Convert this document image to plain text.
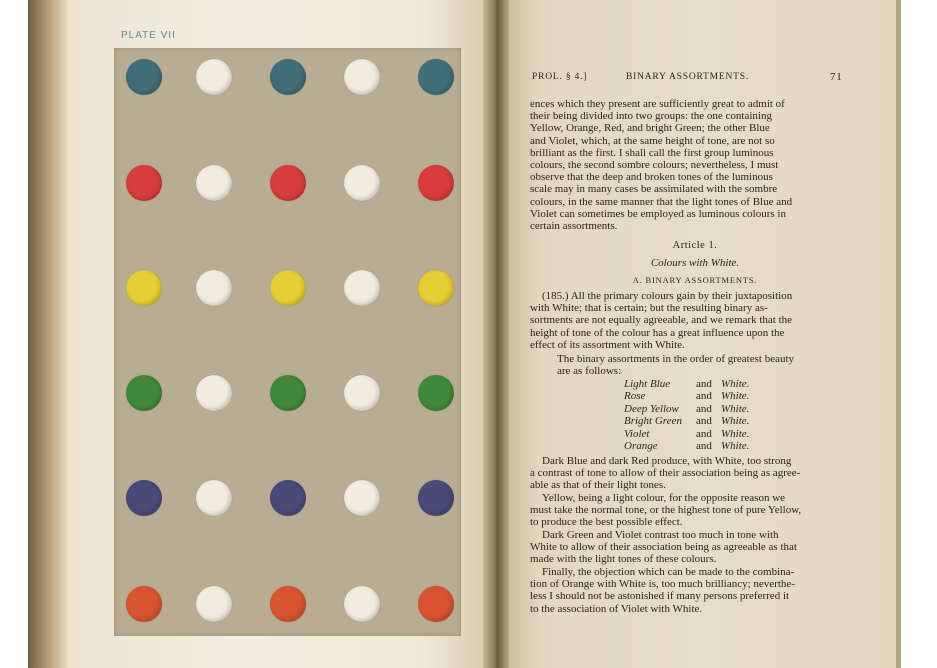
PLATE VII
PROL. § 4.]	BINARY ASSORTMENTS.	71
ences which they present are sufficiently great to admit of
their being divided into two groups: the one containing
Yellow, Orange, Red, and bright Green; the other Blue
and Violet, which, at the same height of tone, are not so
brilliant as the first. I shall call the first group luminous
colours, the second sombre colours; nevertheless, I must
observe that the deep and broken tones of the luminous
scale may in many cases be assimilated with the sombre
colours, in the same manner that the light tones of Blue and
Violet can sometimes be employed as luminous colours in
certain assortments.
Article 1.
Colours with White.
A. BINARY ASSORTMENTS.
(185.) All the primary colours gain by their juxtaposition
with White; that is certain; but the resulting binary as-
sortments are not equally agreeable, and we remark that the
height of tone of the colour has a great influence upon the
effect of its assortment with White.
The binary assortments in the order of greatest beauty
are as follows:
Light Blue and White.
Rose	and White.
Deep Yellow and White.
Bright Green and White.
Violet	and White.
Orange	and White.
Dark Blue and dark Red produce, with White, too strong
a contrast of tone to allow of their association being as agree-
able as that of their light tones.
Yellow, being a light colour, for the opposite reason we
must take the normal tone, or the highest tone of pure Yellow,
to produce the best possible effect.
Dark Green and Violet contrast too much in tone with
White to allow of their association being as agreeable as that
made with the light tones of these colours.
Finally, the objection which can be made to the combina-
tion of Orange with White is, too much brilliancy; neverthe-
less I should not be astonished if many persons preferred it
to the association of Violet with White.
